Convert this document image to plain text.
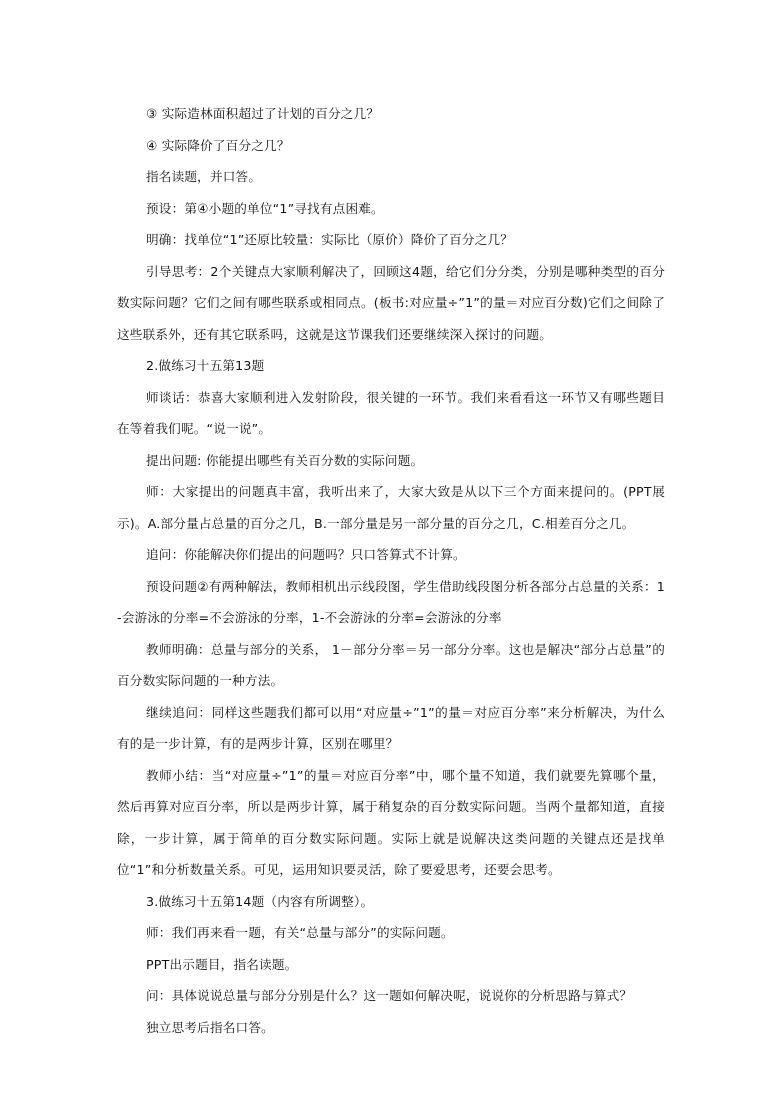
③ 实际造林面积超过了计划的百分之几？

④ 实际降价了百分之几？

指名读题，并口答。

预设：第④小题的单位“1”寻找有点困难。

明确：找单位“1”还原比较量：实际比（原价）降价了百分之几？

引导思考：2个关键点大家顺利解决了，回顾这4题，给它们分分类，分别是哪种类型的百分数实际问题？它们之间有哪些联系或相同点。(板书:对应量÷”1”的量＝对应百分数)它们之间除了这些联系外，还有其它联系吗，这就是这节课我们还要继续深入探讨的问题。

2.做练习十五第13题

师谈话：恭喜大家顺利进入发射阶段，很关键的一环节。我们来看看这一环节又有哪些题目在等着我们呢。“说一说”。

提出问题: 你能提出哪些有关百分数的实际问题。

师：大家提出的问题真丰富，我听出来了，大家大致是从以下三个方面来提问的。(PPT展示)。A.部分量占总量的百分之几，B.一部分量是另一部分量的百分之几，C.相差百分之几。

追问：你能解决你们提出的问题吗？只口答算式不计算。

预设问题②有两种解法，教师相机出示线段图，学生借助线段图分析各部分占总量的关系：1-会游泳的分率=不会游泳的分率，1-不会游泳的分率=会游泳的分率

教师明确：总量与部分的关系， 1－部分分率＝另一部分分率。这也是解决“部分占总量”的百分数实际问题的一种方法。

继续追问：同样这些题我们都可以用“对应量÷”1”的量＝对应百分率”来分析解决，为什么有的是一步计算，有的是两步计算，区别在哪里？

教师小结：当“对应量÷”1”的量＝对应百分率”中，哪个量不知道，我们就要先算哪个量，然后再算对应百分率，所以是两步计算，属于稍复杂的百分数实际问题。当两个量都知道，直接除，一步计算，属于简单的百分数实际问题。实际上就是说解决这类问题的关键点还是找单位“1”和分析数量关系。可见，运用知识要灵活，除了要爱思考，还要会思考。

3.做练习十五第14题（内容有所调整）。

师：我们再来看一题，有关“总量与部分”的实际问题。

PPT出示题目，指名读题。

问：具体说说总量与部分分别是什么？这一题如何解决呢，说说你的分析思路与算式？

独立思考后指名口答。
